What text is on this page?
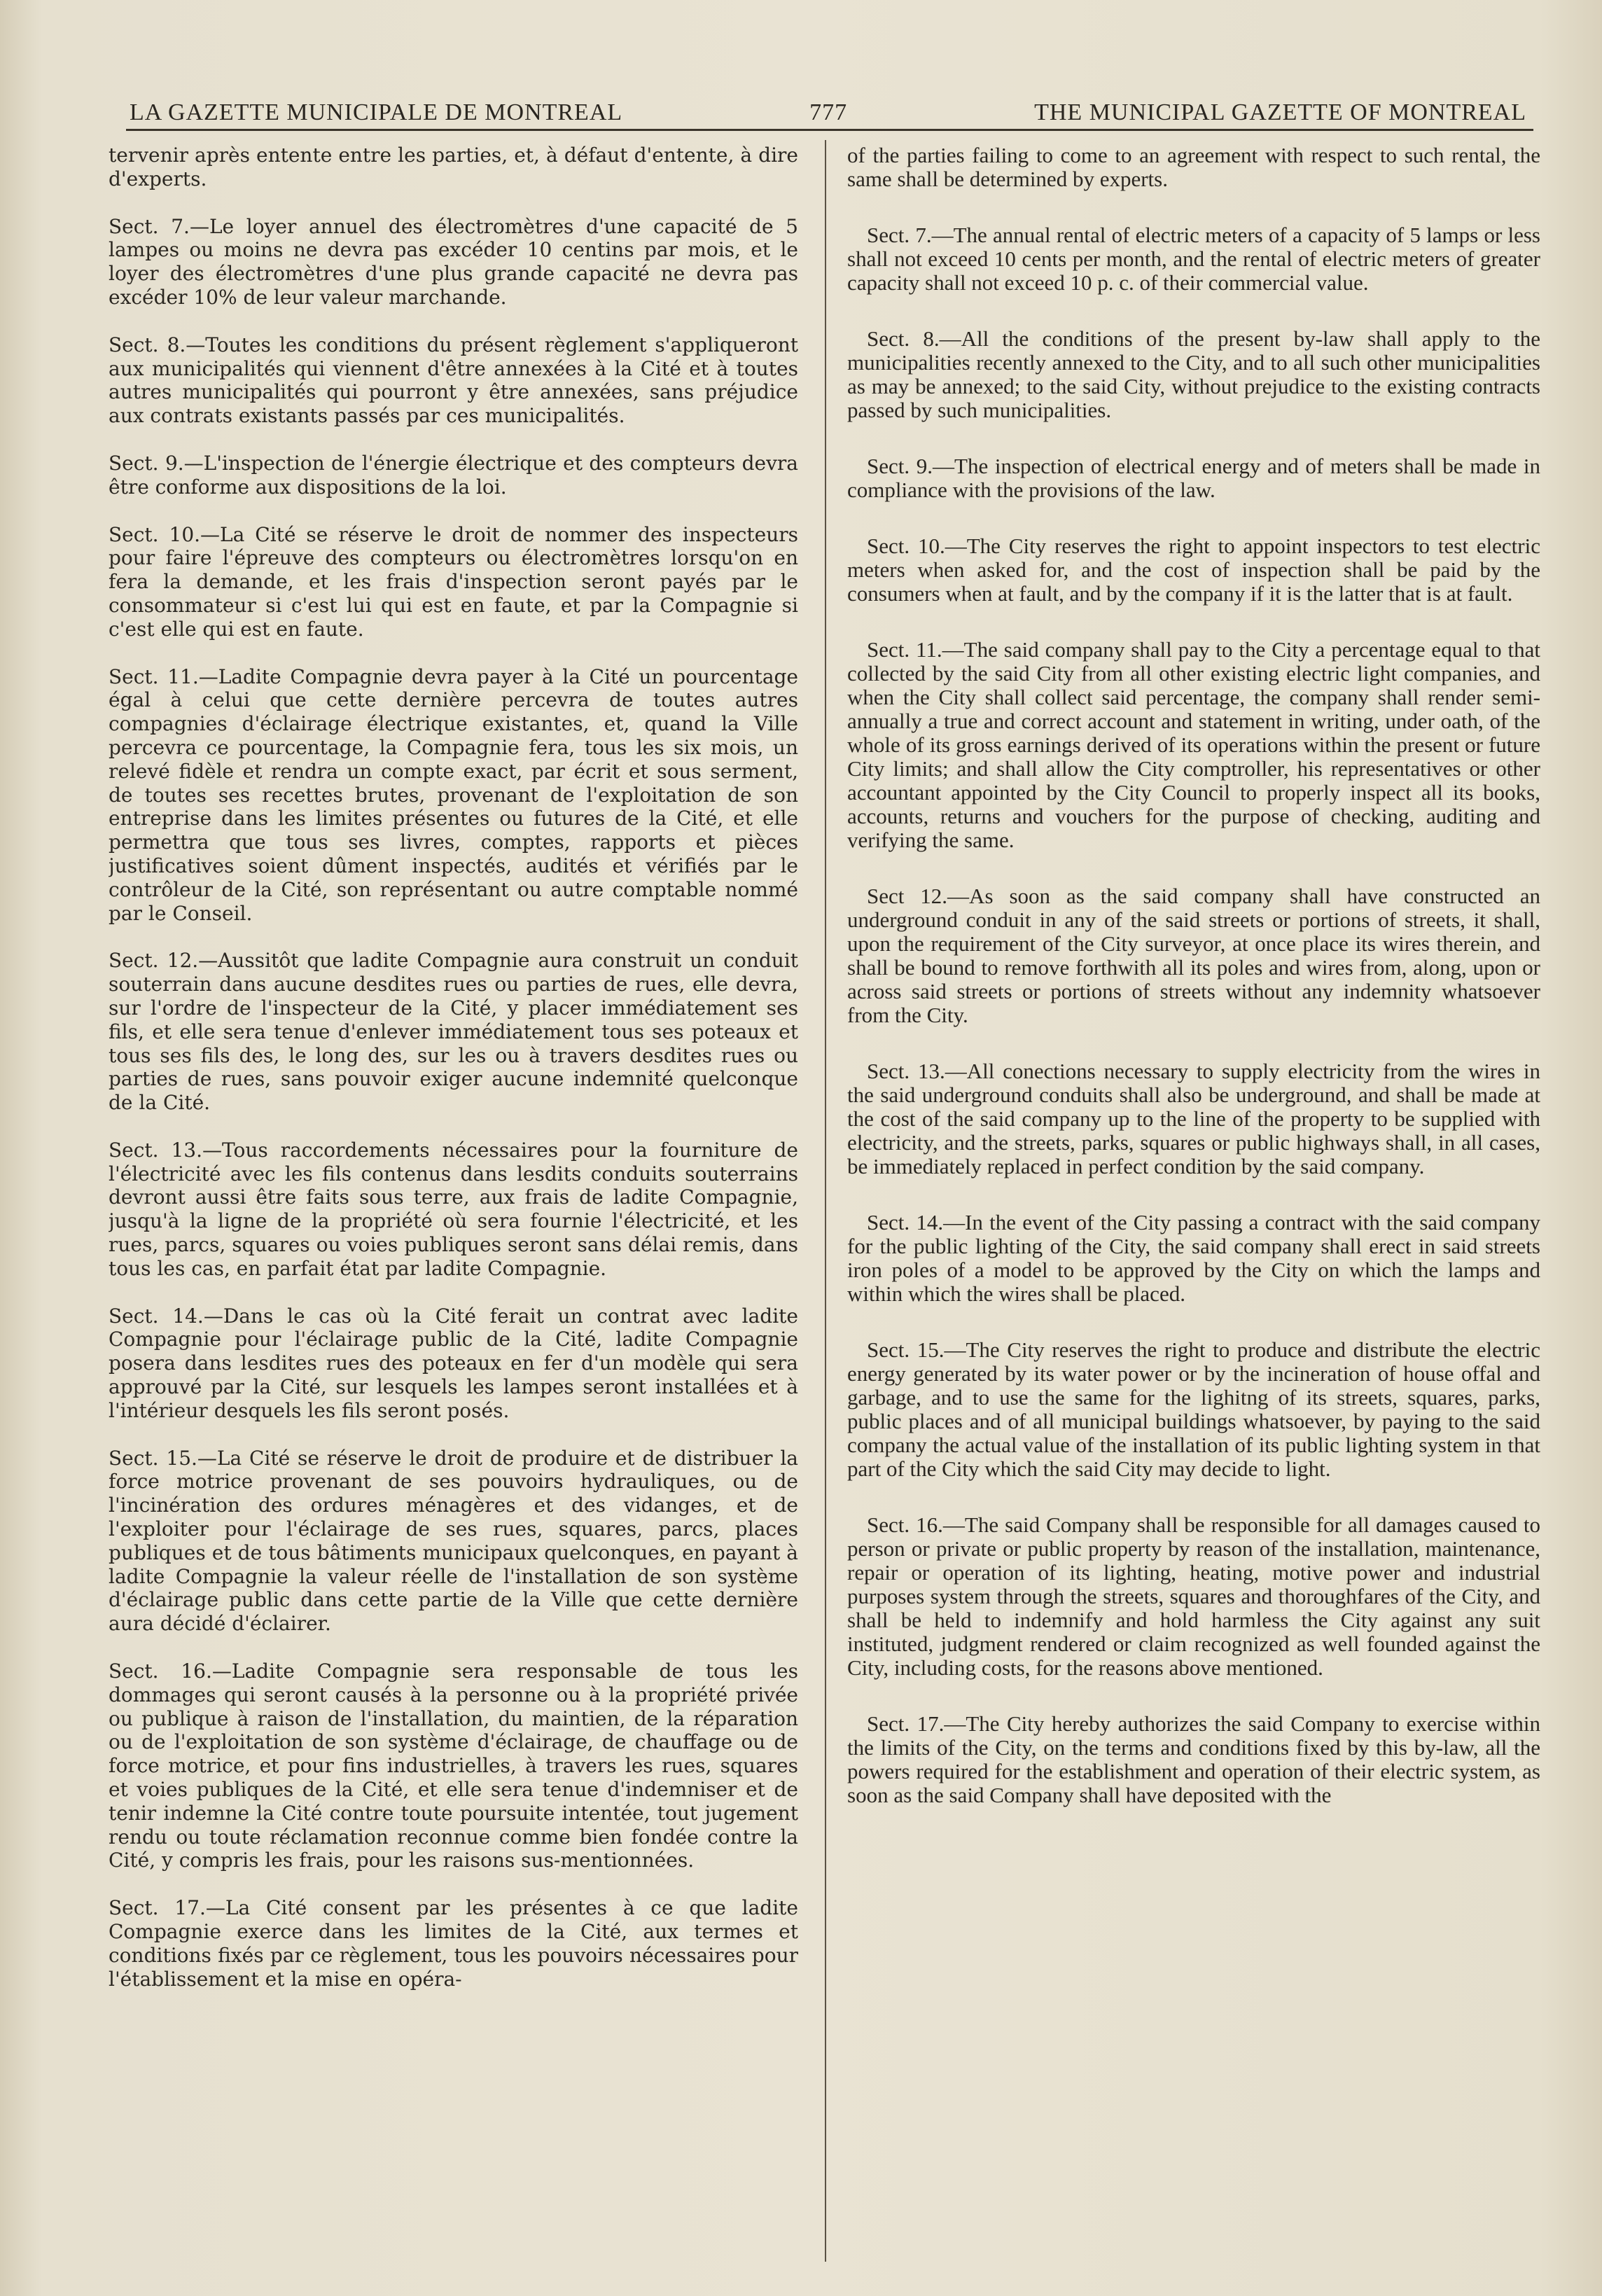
LA GAZETTE MUNICIPALE DE MONTREAL	777	THE MUNICIPAL GAZETTE OF MONTREAL

tervenir après entente entre les parties, et, à défaut d'entente, à dire d'experts.

Sect. 7.—Le loyer annuel des électromètres d'une capacité de 5 lampes ou moins ne devra pas excéder 10 centins par mois, et le loyer des électromètres d'une plus grande capacité ne devra pas excéder 10% de leur valeur marchande.

Sect. 8.—Toutes les conditions du présent règlement s'appliqueront aux municipalités qui viennent d'être annexées à la Cité et à toutes autres municipalités qui pourront y être annexées, sans préjudice aux contrats existants passés par ces municipalités.

Sect. 9.—L'inspection de l'énergie électrique et des compteurs devra être conforme aux dispositions de la loi.

Sect. 10.—La Cité se réserve le droit de nommer des inspecteurs pour faire l'épreuve des compteurs ou électromètres lorsqu'on en fera la demande, et les frais d'inspection seront payés par le consommateur si c'est lui qui est en faute, et par la Compagnie si c'est elle qui est en faute.

Sect. 11.—Ladite Compagnie devra payer à la Cité un pourcentage égal à celui que cette dernière percevra de toutes autres compagnies d'éclairage électrique existantes, et, quand la Ville percevra ce pourcentage, la Compagnie fera, tous les six mois, un relevé fidèle et rendra un compte exact, par écrit et sous serment, de toutes ses recettes brutes, provenant de l'exploitation de son entreprise dans les limites présentes ou futures de la Cité, et elle permettra que tous ses livres, comptes, rapports et pièces justificatives soient dûment inspectés, audités et vérifiés par le contrôleur de la Cité, son représentant ou autre comptable nommé par le Conseil.

Sect. 12.—Aussitôt que ladite Compagnie aura construit un conduit souterrain dans aucune desdites rues ou parties de rues, elle devra, sur l'ordre de l'inspecteur de la Cité, y placer immédiatement ses fils, et elle sera tenue d'enlever immédiatement tous ses poteaux et tous ses fils des, le long des, sur les ou à travers desdites rues ou parties de rues, sans pouvoir exiger aucune indemnité quelconque de la Cité.

Sect. 13.—Tous raccordements nécessaires pour la fourniture de l'électricité avec les fils contenus dans lesdits conduits souterrains devront aussi être faits sous terre, aux frais de ladite Compagnie, jusqu'à la ligne de la propriété où sera fournie l'électricité, et les rues, parcs, squares ou voies publiques seront sans délai remis, dans tous les cas, en parfait état par ladite Compagnie.

Sect. 14.—Dans le cas où la Cité ferait un contrat avec ladite Compagnie pour l'éclairage public de la Cité, ladite Compagnie posera dans lesdites rues des poteaux en fer d'un modèle qui sera approuvé par la Cité, sur lesquels les lampes seront installées et à l'intérieur desquels les fils seront posés.

Sect. 15.—La Cité se réserve le droit de produire et de distribuer la force motrice provenant de ses pouvoirs hydrauliques, ou de l'incinération des ordures ménagères et des vidanges, et de l'exploiter pour l'éclairage de ses rues, squares, parcs, places publiques et de tous bâtiments municipaux quelconques, en payant à ladite Compagnie la valeur réelle de l'installation de son système d'éclairage public dans cette partie de la Ville que cette dernière aura décidé d'éclairer.

Sect. 16.—Ladite Compagnie sera responsable de tous les dommages qui seront causés à la personne ou à la propriété privée ou publique à raison de l'installation, du maintien, de la réparation ou de l'exploitation de son système d'éclairage, de chauffage ou de force motrice, et pour fins industrielles, à travers les rues, squares et voies publiques de la Cité, et elle sera tenue d'indemniser et de tenir indemne la Cité contre toute poursuite intentée, tout jugement rendu ou toute réclamation reconnue comme bien fondée contre la Cité, y compris les frais, pour les raisons sus-mentionnées.

Sect. 17.—La Cité consent par les présentes à ce que ladite Compagnie exerce dans les limites de la Cité, aux termes et conditions fixés par ce règlement, tous les pouvoirs nécessaires pour l'établissement et la mise en opéra-

of the parties failing to come to an agreement with respect to such rental, the same shall be determined by experts.

Sect. 7.—The annual rental of electric meters of a capacity of 5 lamps or less shall not exceed 10 cents per month, and the rental of electric meters of greater capacity shall not exceed 10 p. c. of their commercial value.

Sect. 8.—All the conditions of the present by-law shall apply to the municipalities recently annexed to the City, and to all such other municipalities as may be annexed; to the said City, without prejudice to the existing contracts passed by such municipalities.

Sect. 9.—The inspection of electrical energy and of meters shall be made in compliance with the provisions of the law.

Sect. 10.—The City reserves the right to appoint inspectors to test electric meters when asked for, and the cost of inspection shall be paid by the consumers when at fault, and by the company if it is the latter that is at fault.

Sect. 11.—The said company shall pay to the City a percentage equal to that collected by the said City from all other existing electric light companies, and when the City shall collect said percentage, the company shall render semi-annually a true and correct account and statement in writing, under oath, of the whole of its gross earnings derived of its operations within the present or future City limits; and shall allow the City comptroller, his representatives or other accountant appointed by the City Council to properly inspect all its books, accounts, returns and vouchers for the purpose of checking, auditing and verifying the same.

Sect 12.—As soon as the said company shall have constructed an underground conduit in any of the said streets or portions of streets, it shall, upon the requirement of the City surveyor, at once place its wires therein, and shall be bound to remove forthwith all its poles and wires from, along, upon or across said streets or portions of streets without any indemnity whatsoever from the City.

Sect. 13.—All conections necessary to supply electricity from the wires in the said underground conduits shall also be underground, and shall be made at the cost of the said company up to the line of the property to be supplied with electricity, and the streets, parks, squares or public highways shall, in all cases, be immediately replaced in perfect condition by the said company.

Sect. 14.—In the event of the City passing a contract with the said company for the public lighting of the City, the said company shall erect in said streets iron poles of a model to be approved by the City on which the lamps and within which the wires shall be placed.

Sect. 15.—The City reserves the right to produce and distribute the electric energy generated by its water power or by the incineration of house offal and garbage, and to use the same for the lighitng of its streets, squares, parks, public places and of all municipal buildings whatsoever, by paying to the said company the actual value of the installation of its public lighting system in that part of the City which the said City may decide to light.

Sect. 16.—The said Company shall be responsible for all damages caused to person or private or public property by reason of the installation, maintenance, repair or operation of its lighting, heating, motive power and industrial purposes system through the streets, squares and thoroughfares of the City, and shall be held to indemnify and hold harmless the City against any suit instituted, judgment rendered or claim recognized as well founded against the City, including costs, for the reasons above mentioned.

Sect. 17.—The City hereby authorizes the said Company to exercise within the limits of the City, on the terms and conditions fixed by this by-law, all the powers required for the establishment and operation of their electric system, as soon as the said Company shall have deposited with the
